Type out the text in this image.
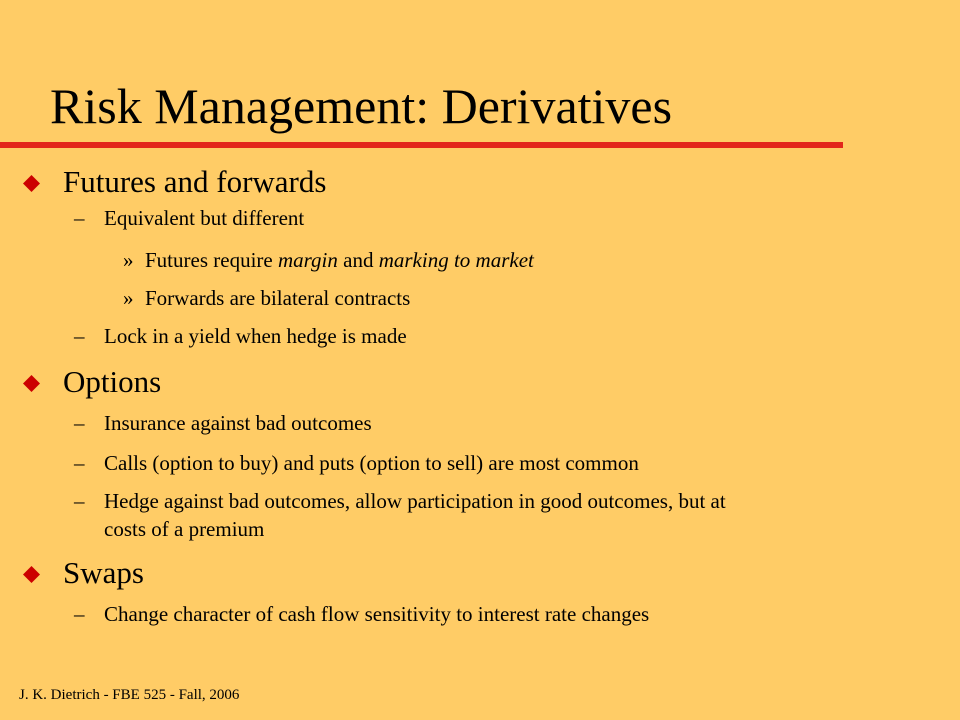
Risk Management: Derivatives
Futures and forwards
– Equivalent but different
» Futures require margin and marking to market
» Forwards are bilateral contracts
– Lock in a yield when hedge is made
Options
– Insurance against bad outcomes
– Calls (option to buy) and puts (option to sell) are most common
– Hedge against bad outcomes, allow participation in good outcomes, but at
costs of a premium
Swaps
– Change character of cash flow sensitivity to interest rate changes
J. K. Dietrich - FBE 525 - Fall, 2006
